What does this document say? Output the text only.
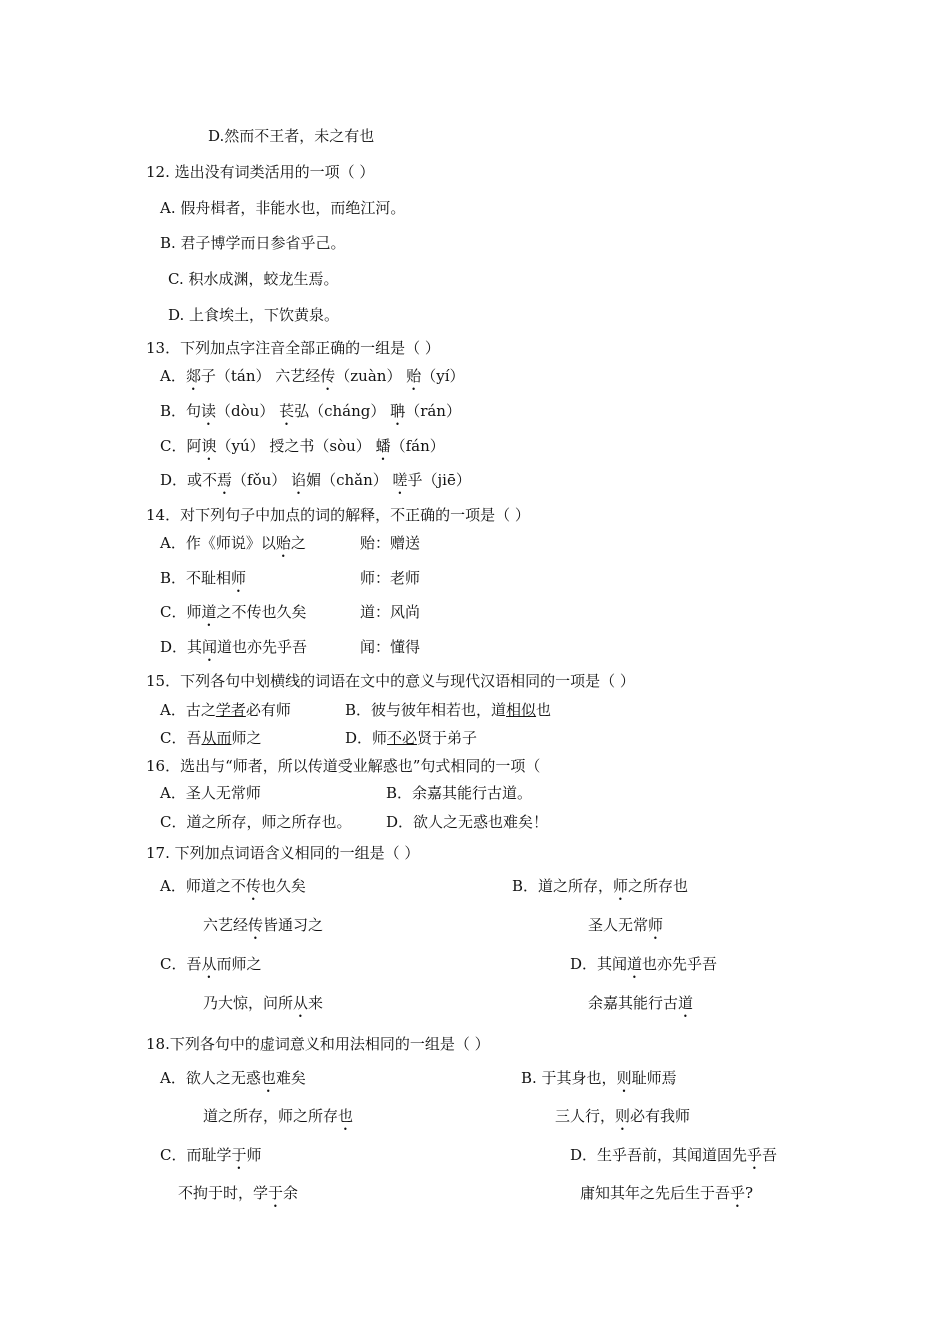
D.然而不王者，未之有也
12. 选出没有词类活用的一项（ ）
A. 假舟楫者，非能水也，而绝江河。
B. 君子博学而日参省乎己。
C. 积水成渊，蛟龙生焉。
D. 上食埃土，下饮黄泉。
13．下列加点字注音全部正确的一组是（ ）
A．郯子（tán） 六艺经传（zuàn） 贻（yí）
B．句读（dòu） 苌弘（cháng） 聃（rán）
C．阿谀（yú） 授之书（sòu） 蟠（fán）
D．或不焉（fǒu） 谄媚（chǎn） 嗟乎（jiē）
14．对下列句子中加点的词的解释，不正确的一项是（ ）
A．作《师说》以贻之	贻：赠送
B．不耻相师	师：老师
C．师道之不传也久矣	道：风尚
D．其闻道也亦先乎吾	闻：懂得
15．下列各句中划横线的词语在文中的意义与现代汉语相同的一项是（ ）
A．古之学者必有师	B．彼与彼年相若也，道相似也
C．吾从而师之	D．师不必贤于弟子
16．选出与“师者，所以传道受业解惑也”句式相同的一项（
A．圣人无常师	B．余嘉其能行古道。
C．道之所存，师之所存也。 D．欲人之无惑也难矣！
17. 下列加点词语含义相同的一组是（ ）
A．师道之不传也久矣	B．道之所存，师之所存也
六艺经传皆通习之	圣人无常师
C．吾从而师之	D．其闻道也亦先乎吾
乃大惊，问所从来	余嘉其能行古道
18.下列各句中的虚词意义和用法相同的一组是（ ）
A．欲人之无惑也难矣	B. 于其身也，则耻师焉
道之所存，师之所存也	三人行，则必有我师
C．而耻学于师	D．生乎吾前，其闻道固先乎吾
不拘于时，学于余	庸知其年之先后生于吾乎?
